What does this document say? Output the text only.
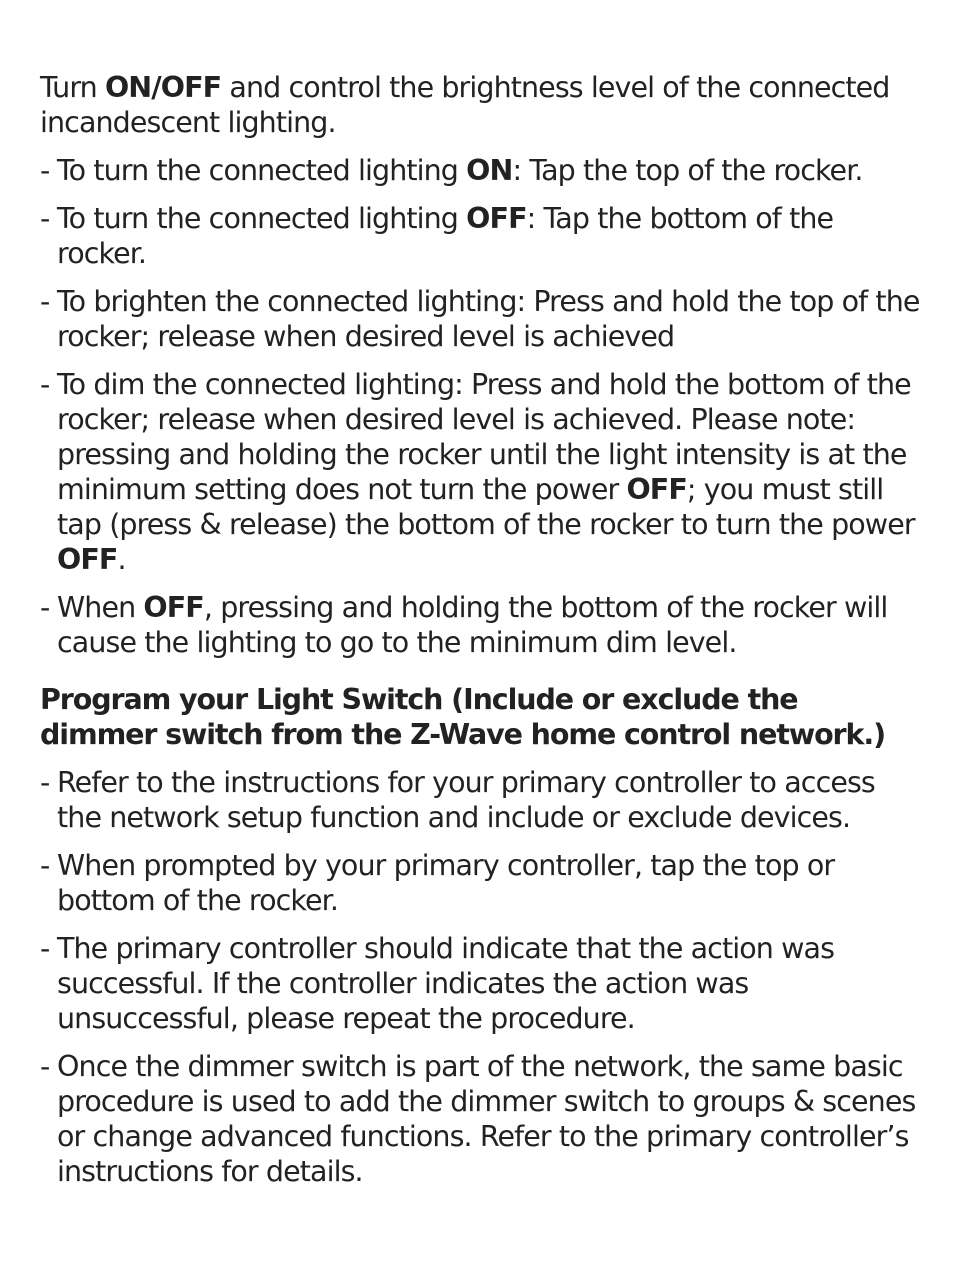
Turn ON/OFF and control the brightness level of the connected incandescent lighting.

- To turn the connected lighting ON: Tap the top of the rocker.
- To turn the connected lighting OFF: Tap the bottom of the rocker.
- To brighten the connected lighting: Press and hold the top of the rocker; release when desired level is achieved
- To dim the connected lighting: Press and hold the bottom of the rocker; release when desired level is achieved. Please note: pressing and holding the rocker until the light intensity is at the minimum setting does not turn the power OFF; you must still tap (press & release) the bottom of the rocker to turn the power OFF.
- When OFF, pressing and holding the bottom of the rocker will cause the lighting to go to the minimum dim level.

Program your Light Switch (Include or exclude the dimmer switch from the Z-Wave home control network.)

- Refer to the instructions for your primary controller to access the network setup function and include or exclude devices.
- When prompted by your primary controller, tap the top or bottom of the rocker.
- The primary controller should indicate that the action was successful. If the controller indicates the action was unsuccessful, please repeat the procedure.
- Once the dimmer switch is part of the network, the same basic procedure is used to add the dimmer switch to groups & scenes or change advanced functions. Refer to the primary controller’s instructions for details.
